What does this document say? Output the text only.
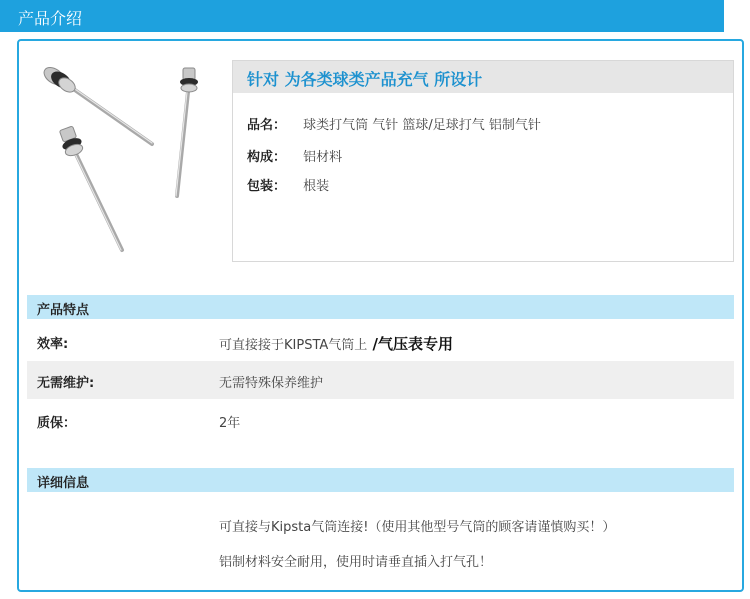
产品介绍
针对 为各类球类产品充气 所设计
品名： 球类打气筒 气针 篮球/足球打气 铝制气针
构成： 铝材料
包装： 根装
产品特点
效率:	可直接接于KIPSTA气筒上 /气压表专用
无需维护:	无需特殊保养维护
质保：	2年
详细信息
可直接与Kipsta气筒连接!（使用其他型号气筒的顾客请谨慎购买！）
铝制材料安全耐用，使用时请垂直插入打气孔！
